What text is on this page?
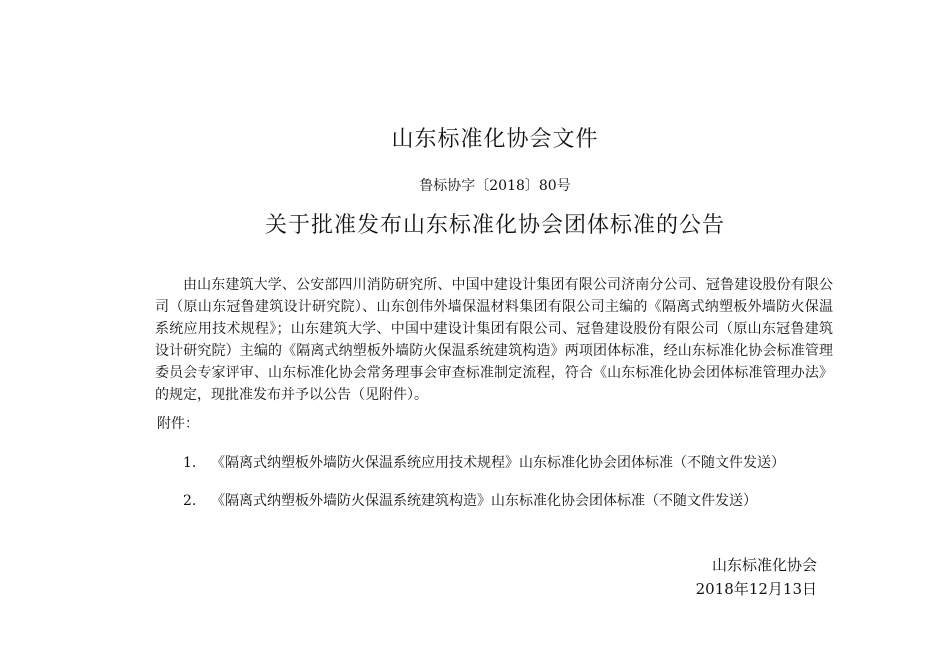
山东标准化协会文件
鲁标协字〔2018〕80号
关于批准发布山东标准化协会团体标准的公告

由山东建筑大学、公安部四川消防研究所、中国中建设计集团有限公司济南分公司、冠鲁建设股份有限公司（原山东冠鲁建筑设计研究院）、山东创伟外墙保温材料集团有限公司主编的《隔离式纳塑板外墙防火保温系统应用技术规程》；山东建筑大学、中国中建设计集团有限公司、冠鲁建设股份有限公司（原山东冠鲁建筑设计研究院）主编的《隔离式纳塑板外墙防火保温系统建筑构造》两项团体标准，经山东标准化协会标准管理委员会专家评审、山东标准化协会常务理事会审查标准制定流程，符合《山东标准化协会团体标准管理办法》的规定，现批准发布并予以公告（见附件）。

附件：
1. 《隔离式纳塑板外墙防火保温系统应用技术规程》山东标准化协会团体标准（不随文件发送）
2. 《隔离式纳塑板外墙防火保温系统建筑构造》山东标准化协会团体标准（不随文件发送）
山东标准化协会
2018年12月13日
